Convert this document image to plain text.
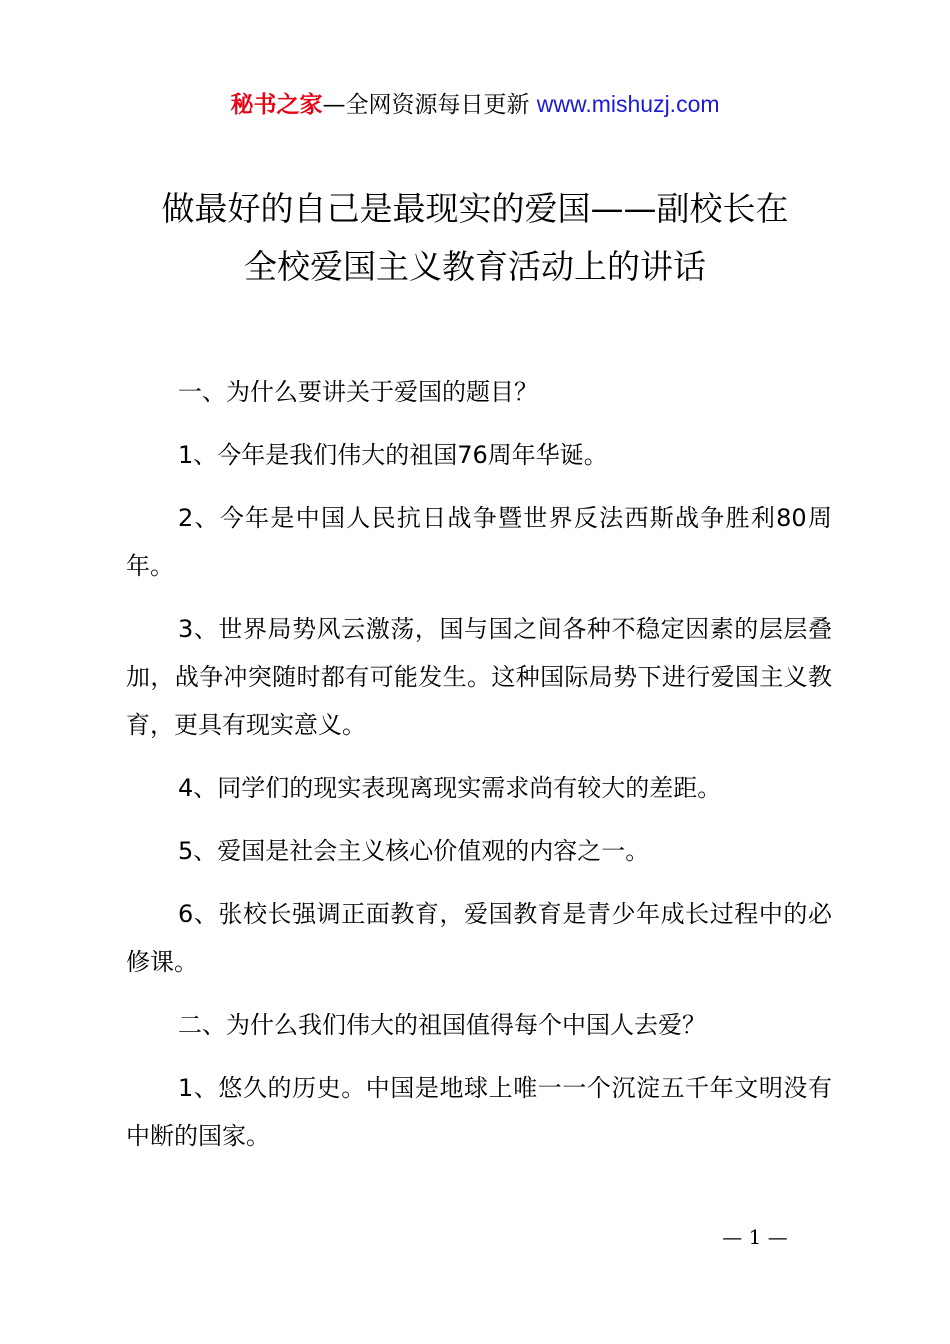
秘书之家—全网资源每日更新 www.mishuzj.com
做最好的自己是最现实的爱国——副校长在
全校爱国主义教育活动上的讲话

一、为什么要讲关于爱国的题目？

1、今年是我们伟大的祖国76周年华诞。

2、今年是中国人民抗日战争暨世界反法西斯战争胜利80周年。

3、世界局势风云激荡，国与国之间各种不稳定因素的层层叠加，战争冲突随时都有可能发生。这种国际局势下进行爱国主义教育，更具有现实意义。

4、同学们的现实表现离现实需求尚有较大的差距。

5、爱国是社会主义核心价值观的内容之一。

6、张校长强调正面教育，爱国教育是青少年成长过程中的必修课。

二、为什么我们伟大的祖国值得每个中国人去爱？

1、悠久的历史。中国是地球上唯一一个沉淀五千年文明没有中断的国家。

— 1 —
